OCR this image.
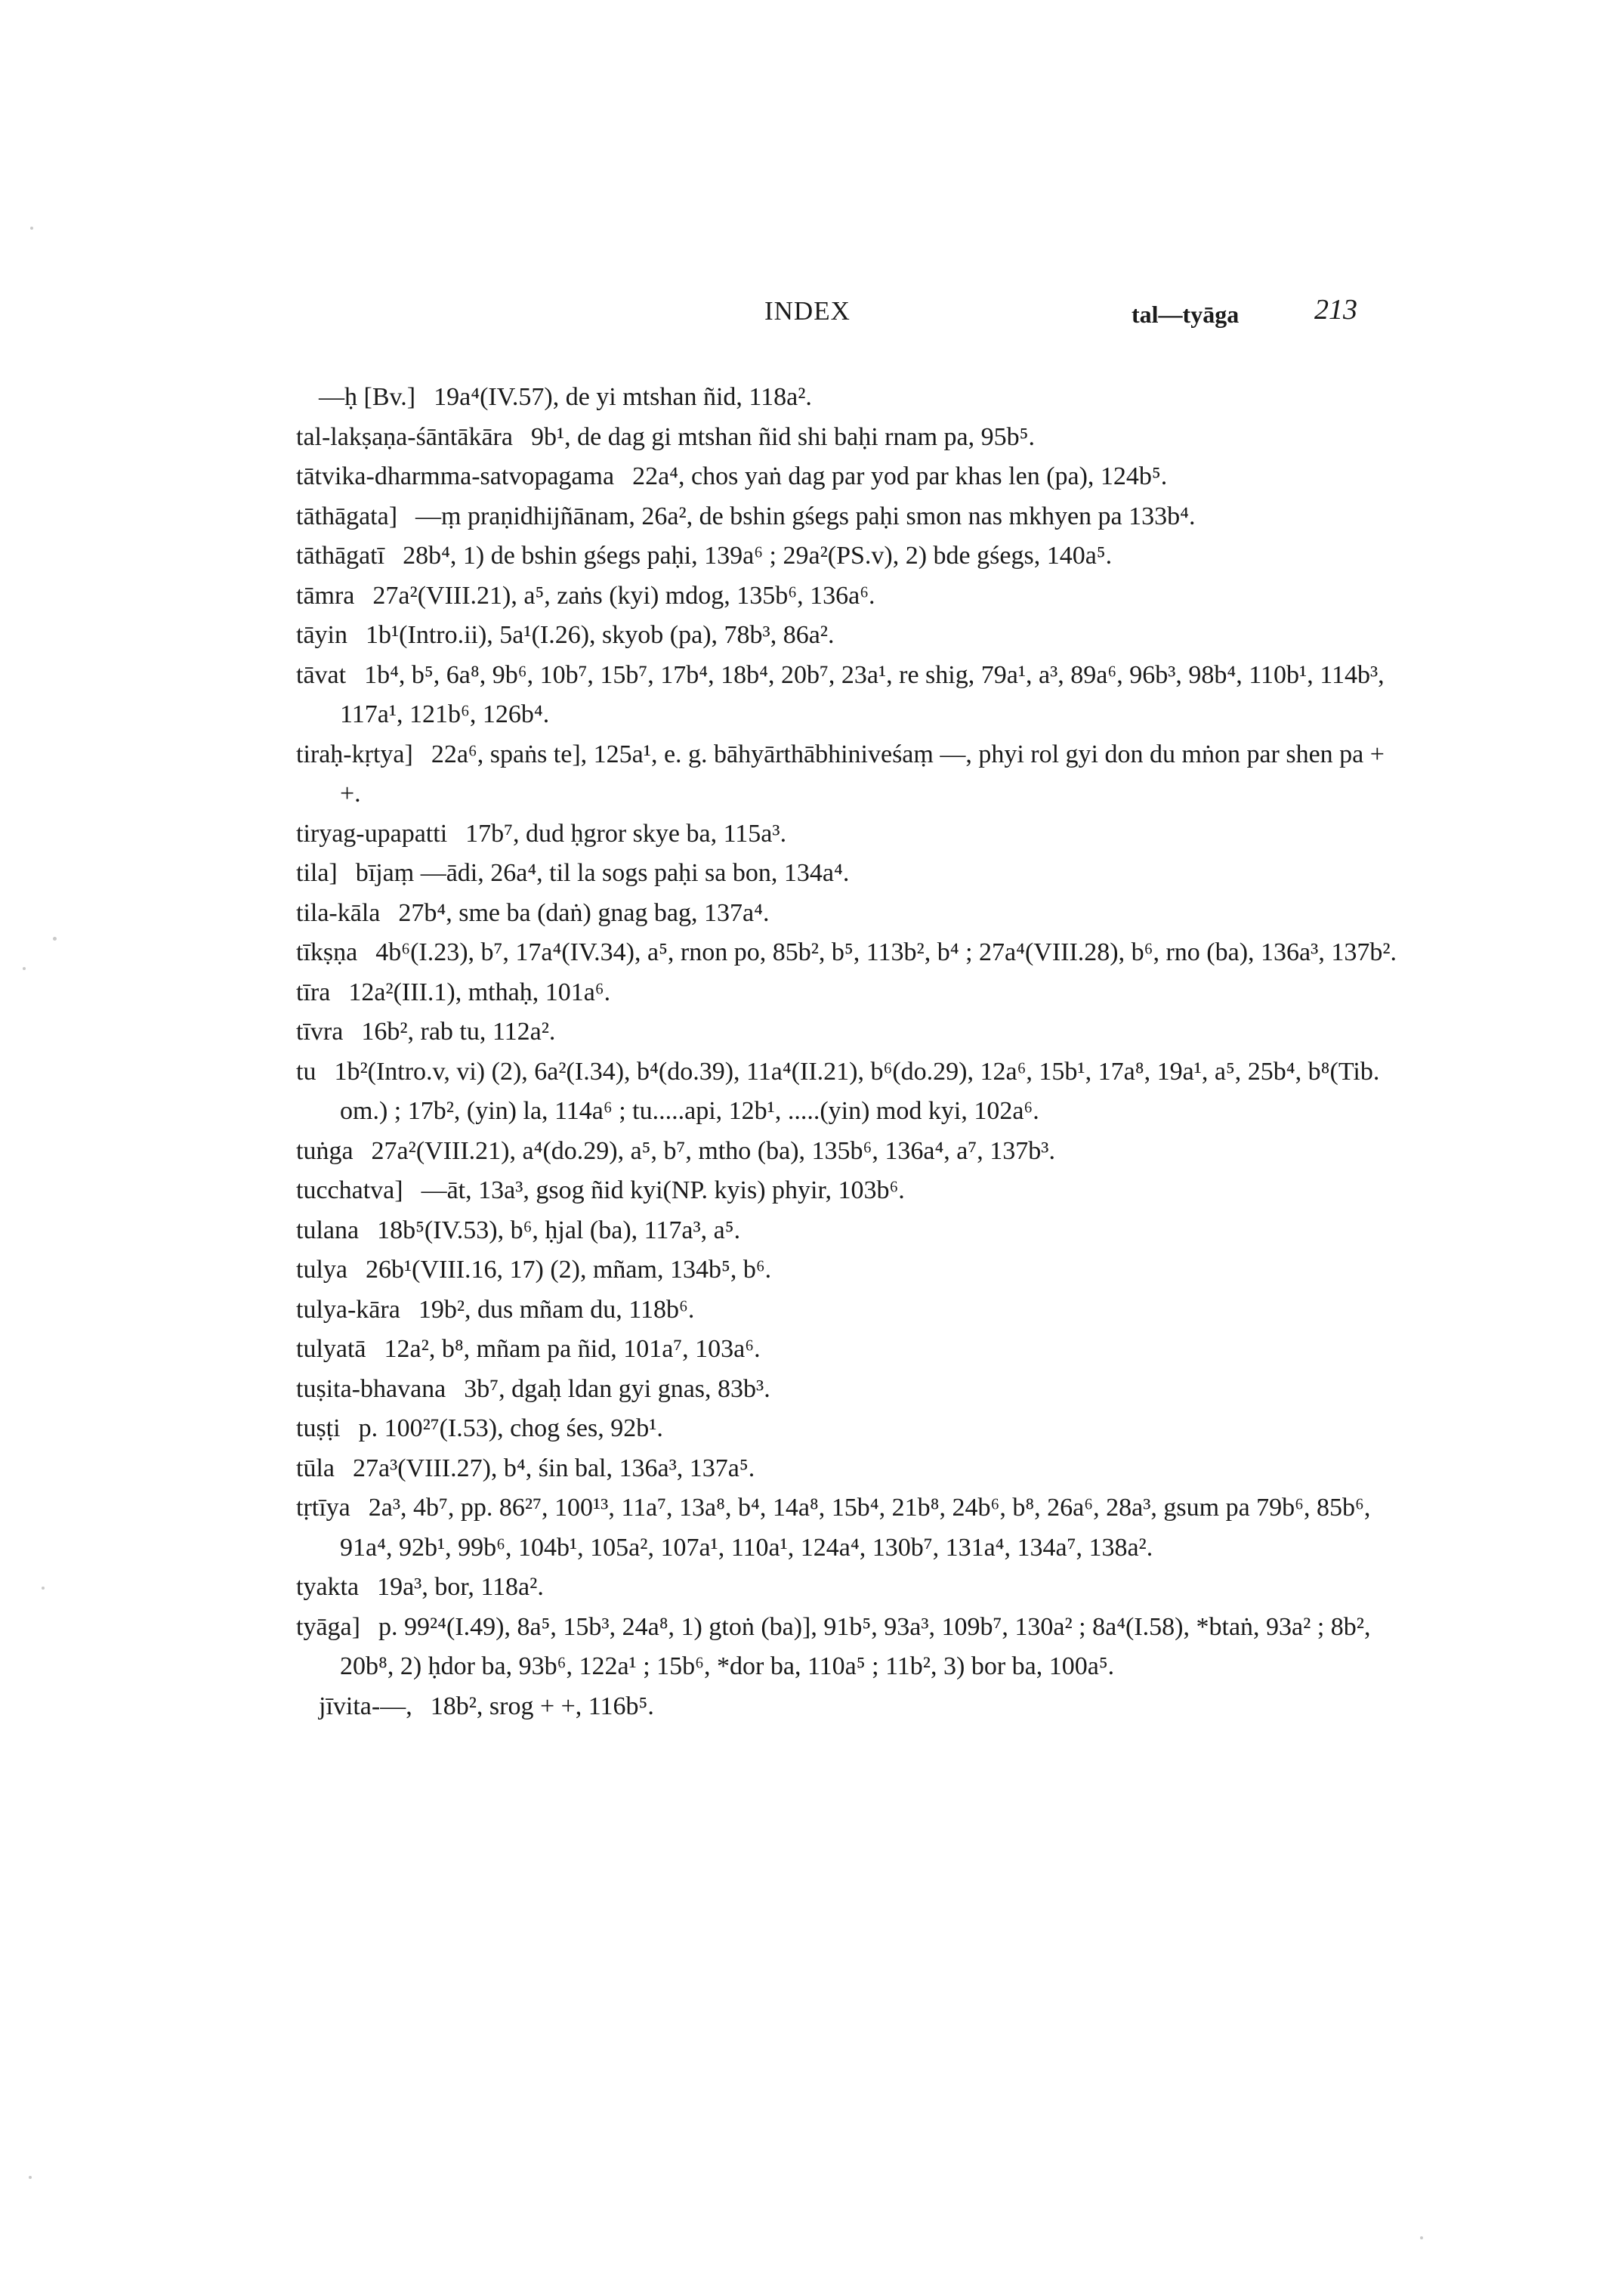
INDEX	tal—tyāga	213
—ḥ [Bv.] 19a⁴(IV.57), de yi mtshan ñid, 118a².
tal-lakṣaṇa-śāntākāra 9b¹, de dag gi mtshan ñid shi baḥi rnam pa, 95b⁵.
tātvika-dharmma-satvopagama 22a⁴, chos yaṅ dag par yod par khas len (pa), 124b⁵.
tāthāgata] —ṃ praṇidhijñānam, 26a², de bshin gśegs paḥi smon nas mkhyen pa 133b⁴.
tāthāgatī 28b⁴, 1) de bshin gśegs paḥi, 139a⁶ ; 29a²(PS.v), 2) bde gśegs, 140a⁵.
tāmra 27a²(VIII.21), a⁵, zaṅs (kyi) mdog, 135b⁶, 136a⁶.
tāyin 1b¹(Intro.ii), 5a¹(I.26), skyob (pa), 78b³, 86a².
tāvat 1b⁴, b⁵, 6a⁸, 9b⁶, 10b⁷, 15b⁷, 17b⁴, 18b⁴, 20b⁷, 23a¹, re shig, 79a¹, a³, 89a⁶, 96b³, 98b⁴, 110b¹, 114b³, 117a¹, 121b⁶, 126b⁴.
tiraḥ-kṛtya] 22a⁶, spaṅs te], 125a¹, e. g. bāhyārthābhiniveśaṃ —, phyi rol gyi don du mṅon par shen pa + +.
tiryag-upapatti 17b⁷, dud ḥgror skye ba, 115a³.
tila] bījaṃ —ādi, 26a⁴, til la sogs paḥi sa bon, 134a⁴.
tila-kāla 27b⁴, sme ba (daṅ) gnag bag, 137a⁴.
tīkṣṇa 4b⁶(I.23), b⁷, 17a⁴(IV.34), a⁵, rnon po, 85b², b⁵, 113b², b⁴ ; 27a⁴(VIII.28), b⁶, rno (ba), 136a³, 137b².
tīra 12a²(III.1), mthaḥ, 101a⁶.
tīvra 16b², rab tu, 112a².
tu 1b²(Intro.v, vi) (2), 6a²(I.34), b⁴(do.39), 11a⁴(II.21), b⁶(do.29), 12a⁶, 15b¹, 17a⁸, 19a¹, a⁵, 25b⁴, b⁸(Tib. om.) ; 17b², (yin) la, 114a⁶ ; tu.....api, 12b¹, .....(yin) mod kyi, 102a⁶.
tuṅga 27a²(VIII.21), a⁴(do.29), a⁵, b⁷, mtho (ba), 135b⁶, 136a⁴, a⁷, 137b³.
tucchatva] —āt, 13a³, gsog ñid kyi(NP. kyis) phyir, 103b⁶.
tulana 18b⁵(IV.53), b⁶, ḥjal (ba), 117a³, a⁵.
tulya 26b¹(VIII.16, 17) (2), mñam, 134b⁵, b⁶.
tulya-kāra 19b², dus mñam du, 118b⁶.
tulyatā 12a², b⁸, mñam pa ñid, 101a⁷, 103a⁶.
tuṣita-bhavana 3b⁷, dgaḥ ldan gyi gnas, 83b³.
tuṣṭi p. 100²⁷(I.53), chog śes, 92b¹.
tūla 27a³(VIII.27), b⁴, śin bal, 136a³, 137a⁵.
tṛtīya 2a³, 4b⁷, pp. 86²⁷, 100¹³, 11a⁷, 13a⁸, b⁴, 14a⁸, 15b⁴, 21b⁸, 24b⁶, b⁸, 26a⁶, 28a³, gsum pa 79b⁶, 85b⁶, 91a⁴, 92b¹, 99b⁶, 104b¹, 105a², 107a¹, 110a¹, 124a⁴, 130b⁷, 131a⁴, 134a⁷, 138a².
tyakta 19a³, bor, 118a².
tyāga] p. 99²⁴(I.49), 8a⁵, 15b³, 24a⁸, 1) gtoṅ (ba)], 91b⁵, 93a³, 109b⁷, 130a² ; 8a⁴(I.58), *btaṅ, 93a² ; 8b², 20b⁸, 2) ḥdor ba, 93b⁶, 122a¹ ; 15b⁶, *dor ba, 110a⁵ ; 11b², 3) bor ba, 100a⁵.
jīvita-—, 18b², srog + +, 116b⁵.
